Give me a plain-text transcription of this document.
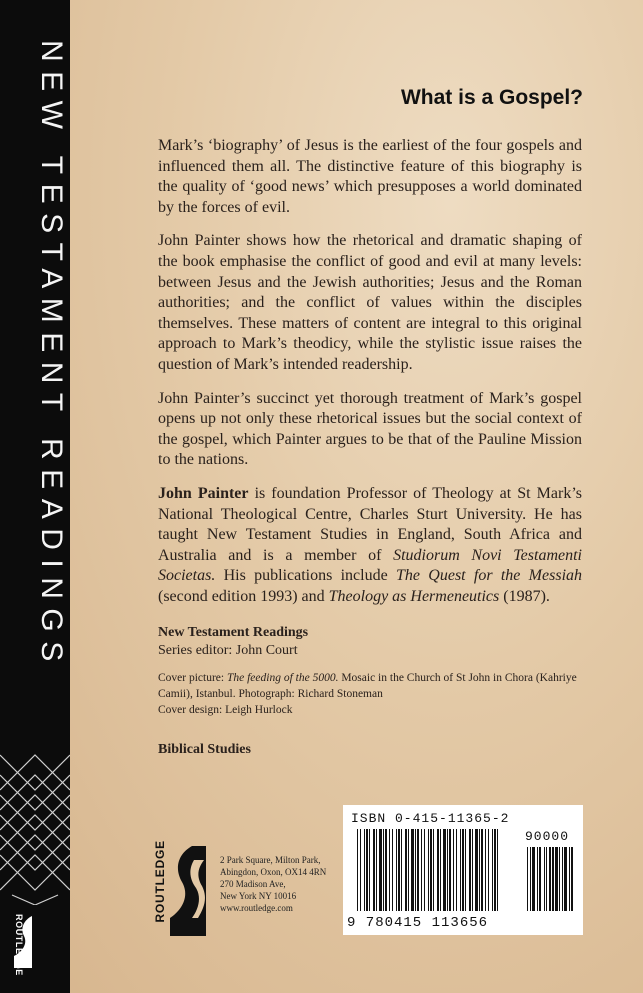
NEW TESTAMENT READINGS
ROUTLEDGE
What is a Gospel?

Mark’s ‘biography’ of Jesus is the earliest of the four gospels and influenced them all. The distinctive feature of this biography is the quality of ‘good news’ which presupposes a world dominated by the forces of evil.

John Painter shows how the rhetorical and dramatic shaping of the book emphasise the conflict of good and evil at many levels: between Jesus and the Jewish authorities; Jesus and the Roman authorities; and the conflict of values within the disciples themselves. These matters of content are integral to this original approach to Mark’s theodicy, while the stylistic issue raises the question of Mark’s intended readership.

John Painter’s succinct yet thorough treatment of Mark’s gospel opens up not only these rhetorical issues but the social context of the gospel, which Painter argues to be that of the Pauline Mission to the nations.

John Painter is foundation Professor of Theology at St Mark’s National Theological Centre, Charles Sturt University. He has taught New Testament Studies in England, South Africa and Australia and is a member of Studiorum Novi Testamenti Societas. His publications include The Quest for the Messiah (second edition 1993) and Theology as Hermeneutics (1987).

New Testament Readings
Series editor: John Court

Cover picture: The feeding of the 5000. Mosaic in the Church of St John in Chora (Kahriye Camii), Istanbul. Photograph: Richard Stoneman

Cover design: Leigh Hurlock

Biblical Studies
ROUTLEDGE	2 Park Square, Milton Park,
Abingdon, Oxon, OX14 4RN
270 Madison Ave,
New York NY 10016
www.routledge.com
ISBN 0-415-11365-2
90000
9 780415 113656
